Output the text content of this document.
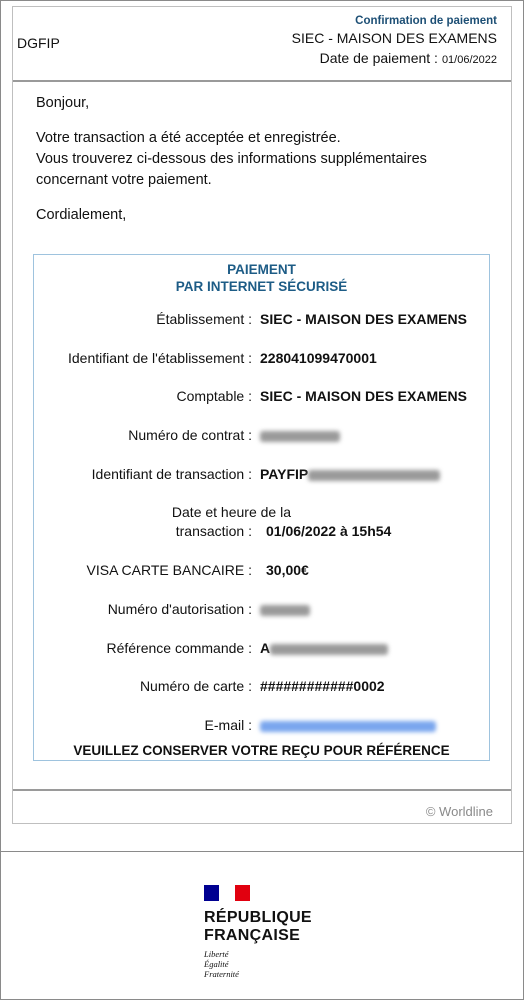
DGFIP
Confirmation de paiement
SIEC - MAISON DES EXAMENS
Date de paiement : 01/06/2022

Bonjour,

Votre transaction a été acceptée et enregistrée.

Vous trouverez ci-dessous des informations supplémentaires concernant votre paiement.

Cordialement,

PAIEMENT
PAR INTERNET SÉCURISÉ
Établissement : SIEC - MAISON DES EXAMENS
Identifiant de l'établissement : 228041099470001
Comptable : SIEC - MAISON DES EXAMENS
Numéro de contrat :
Identifiant de transaction : PAYFIP
Date et heure de la
transaction : 01/06/2022 à 15h54
VISA CARTE BANCAIRE : 30,00€
Numéro d'autorisation :
Référence commande : A
Numéro de carte : ############0002
E-mail :
VEUILLEZ CONSERVER VOTRE REÇU POUR RÉFÉRENCE
© Worldline
RÉPUBLIQUE
FRANÇAISE
Liberté
Égalité
Fraternité
